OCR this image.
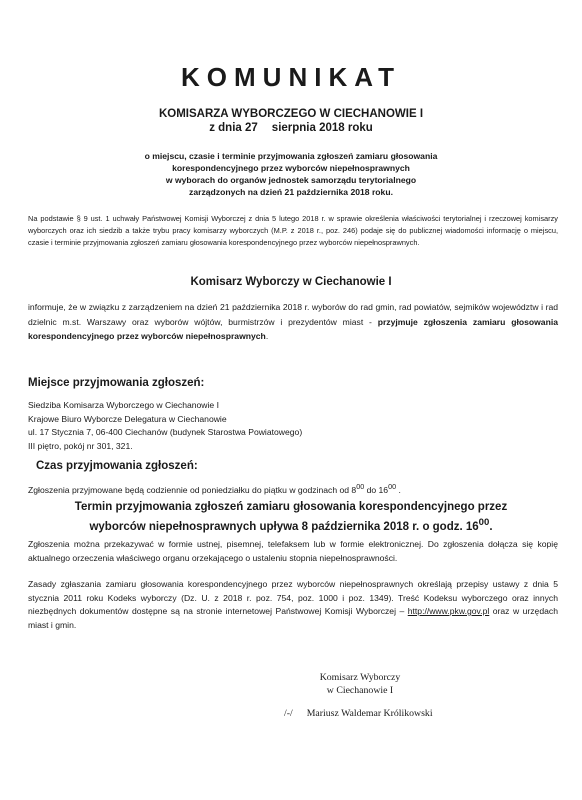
KOMUNIKAT
KOMISARZA WYBORCZEGO W CIECHANOWIE I
z dnia 27 sierpnia 2018 roku
o miejscu, czasie i terminie przyjmowania zgłoszeń zamiaru głosowania
korespondencyjnego przez wyborców niepełnosprawnych
w wyborach do organów jednostek samorządu terytorialnego
zarządzonych na dzień 21 października 2018 roku.

Na podstawie § 9 ust. 1 uchwały Państwowej Komisji Wyborczej z dnia 5 lutego 2018 r. w sprawie określenia właściwości terytorialnej i rzeczowej komisarzy wyborczych oraz ich siedzib a także trybu pracy komisarzy wyborczych (M.P. z 2018 r., poz. 246) podaje się do publicznej wiadomości informację o miejscu, czasie i terminie przyjmowania zgłoszeń zamiaru głosowania korespondencyjnego przez wyborców niepełnosprawnych.

Komisarz Wyborczy w Ciechanowie I

informuje, że w związku z zarządzeniem na dzień 21 października 2018 r. wyborów do rad gmin, rad powiatów, sejmików województw i rad dzielnic m.st. Warszawy oraz wyborów wójtów, burmistrzów i prezydentów miast - przyjmuje zgłoszenia zamiaru głosowania korespondencyjnego przez wyborców niepełnosprawnych.

Miejsce przyjmowania zgłoszeń:
Siedziba Komisarza Wyborczego w Ciechanowie I
Krajowe Biuro Wyborcze Delegatura w Ciechanowie
ul. 17 Stycznia 7, 06-400 Ciechanów (budynek Starostwa Powiatowego)
III piętro, pokój nr 301, 321.
Czas przyjmowania zgłoszeń:
Zgłoszenia przyjmowane będą codziennie od poniedziałku do piątku w godzinach od $8^{00}$ do $16^{00}$ .
Termin przyjmowania zgłoszeń zamiaru głosowania korespondencyjnego przez
wyborców niepełnosprawnych upływa 8 października 2018 r. o godz. $16^{00}$.

Zgłoszenia można przekazywać w formie ustnej, pisemnej, telefaksem lub w formie elektronicznej. Do zgłoszenia dołącza się kopię aktualnego orzeczenia właściwego organu orzekającego o ustaleniu stopnia niepełnosprawności.

Zasady zgłaszania zamiaru głosowania korespondencyjnego przez wyborców niepełnosprawnych określają przepisy ustawy z dnia 5 stycznia 2011 roku Kodeks wyborczy (Dz. U. z 2018 r. poz. 754, poz. 1000 i poz. 1349). Treść Kodeksu wyborczego oraz innych niezbędnych dokumentów dostępne są na stronie internetowej Państwowej Komisji Wyborczej – http://www.pkw.gov.pl oraz w urzędach miast i gmin.

Komisarz Wyborczy
w Ciechanowie I
/-/ Mariusz Waldemar Królikowski
